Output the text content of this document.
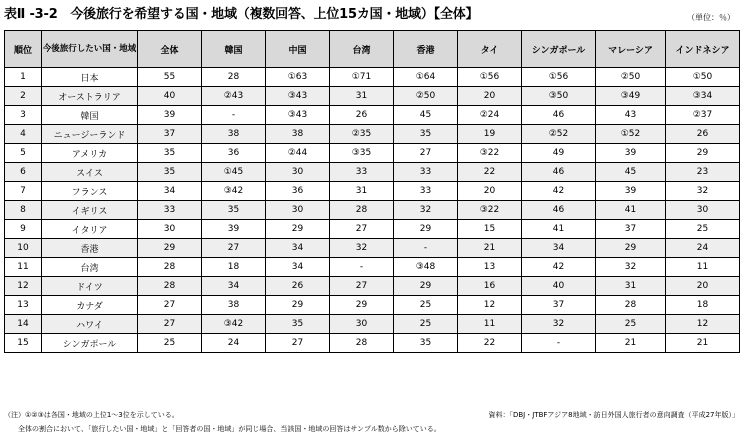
表Ⅱ -3-2　今後旅行を希望する国・地域（複数回答、上位15カ国・地域）【全体】	（単位：％）
順位	今後旅行したい国・地域	全体	韓国	中国	台湾	香港	タイ	シンガポール	マレーシア	インドネシア
1	日本	55	28	①63	①71	①64	①56	①56	②50	①50
2	オーストラリア	40	②43	③43	31	②50	20	③50	③49	③34
3	韓国	39	-	③43	26	45	②24	46	43	②37
4	ニュージーランド	37	38	38	②35	35	19	②52	①52	26
5	アメリカ	35	36	②44	③35	27	③22	49	39	29
6	スイス	35	①45	30	33	33	22	46	45	23
7	フランス	34	③42	36	31	33	20	42	39	32
8	イギリス	33	35	30	28	32	③22	46	41	30
9	イタリア	30	39	29	27	29	15	41	37	25
10	香港	29	27	34	32	-	21	34	29	24
11	台湾	28	18	34	-	③48	13	42	32	11
12	ドイツ	28	34	26	27	29	16	40	31	20
13	カナダ	27	38	29	29	25	12	37	28	18
14	ハワイ	27	③42	35	30	25	11	32	25	12
15	シンガポール	25	24	27	28	35	22	-	21	21
（注）①②③は各国・地域の上位1～3位を示している。	資料：「DBJ・JTBFアジア8地域・訪日外国人旅行者の意向調査（平成27年版）」
全体の割合において、「旅行したい国・地域」と「回答者の国・地域」が同じ場合、当該国・地域の回答はサンプル数から除いている。
